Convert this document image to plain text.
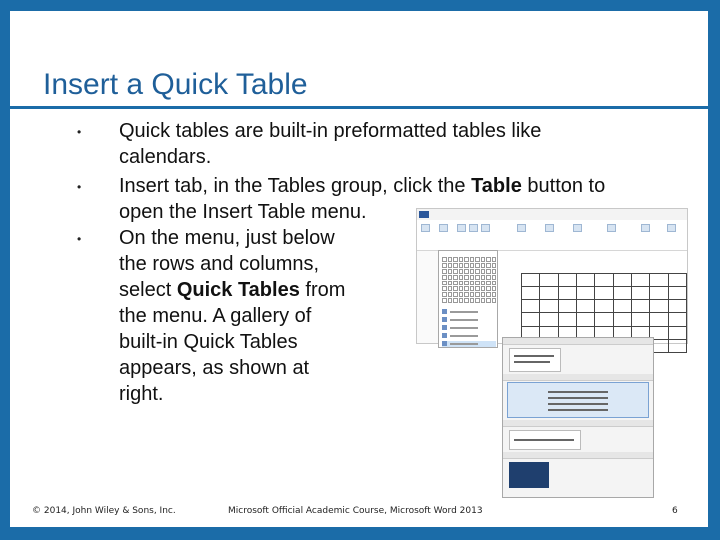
Insert a Quick Table
• Quick tables are built-in preformatted tables like
calendars.
• Insert tab, in the Tables group, click the Table button to
open the Insert Table menu.
• On the menu, just below
the rows and columns,
select Quick Tables from
the menu. A gallery of
built-in Quick Tables
appears, as shown at
right.

© 2014, John Wiley & Sons, Inc.	Microsoft Official Academic Course, Microsoft Word 2013	6
